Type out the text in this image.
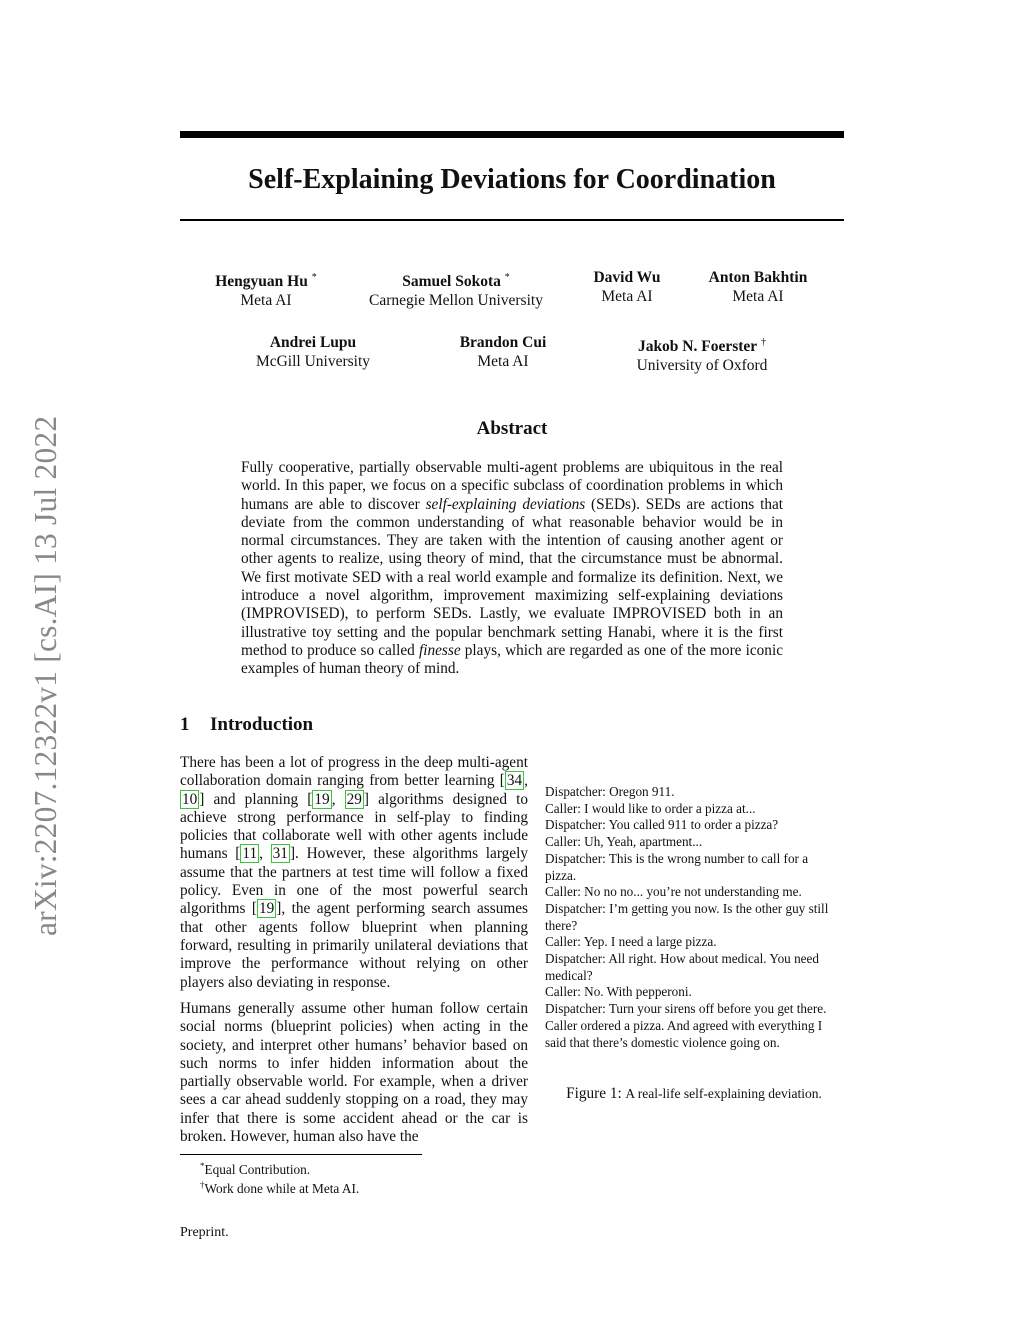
arXiv:2207.12322v1 [cs.AI] 13 Jul 2022
Self-Explaining Deviations for Coordination
Hengyuan Hu *
Meta AI
Samuel Sokota *
Carnegie Mellon University
David Wu
Meta AI
Anton Bakhtin
Meta AI
Andrei Lupu
McGill University
Brandon Cui
Meta AI
Jakob N. Foerster †
University of Oxford
Abstract
Fully cooperative, partially observable multi-agent problems are ubiquitous in the real world. In this paper, we focus on a specific subclass of coordination problems in which humans are able to discover self-explaining deviations (SEDs). SEDs are actions that deviate from the common understanding of what reasonable behavior would be in normal circumstances. They are taken with the intention of causing another agent or other agents to realize, using theory of mind, that the circumstance must be abnormal. We first motivate SED with a real world example and formalize its definition. Next, we introduce a novel algorithm, improvement maximizing self-explaining deviations (IMPROVISED), to perform SEDs. Lastly, we evaluate IMPROVISED both in an illustrative toy setting and the popular benchmark setting Hanabi, where it is the first method to produce so called finesse plays, which are regarded as one of the more iconic examples of human theory of mind.
1 Introduction
There has been a lot of progress in the deep multi-agent collaboration domain ranging from better learning [ 34 , 10 ] and planning [ 19 , 29 ] algorithms designed to achieve strong performance in self-play to finding policies that collaborate well with other agents include humans [ 11 , 31 ]. However, these algorithms largely assume that the partners at test time will follow a fixed policy. Even in one of the most powerful search algorithms [ 19 ], the agent performing search assumes that other agents follow blueprint when planning forward, resulting in primarily unilateral deviations that improve the performance without relying on other players also deviating in response.
Humans generally assume other human follow certain social norms (blueprint policies) when acting in the society, and interpret other humans’ behavior based on such norms to infer hidden information about the partially observable world. For example, when a driver sees a car ahead suddenly stopping on a road, they may infer that there is some accident ahead or the car is broken. However, human also have the
Dispatcher: Oregon 911.
Caller: I would like to order a pizza at...
Dispatcher: You called 911 to order a pizza?
Caller: Uh, Yeah, apartment...
Dispatcher: This is the wrong number to call for a pizza.
Caller: No no no... you’re not understanding me.
Dispatcher: I’m getting you now. Is the other guy still there?
Caller: Yep. I need a large pizza.
Dispatcher: All right. How about medical. You need medical?
Caller: No. With pepperoni.
Dispatcher: Turn your sirens off before you get there. Caller ordered a pizza. And agreed with everything I said that there’s domestic violence going on.
Figure 1: A real-life self-explaining deviation.
*Equal Contribution.
†Work done while at Meta AI.
Preprint.
